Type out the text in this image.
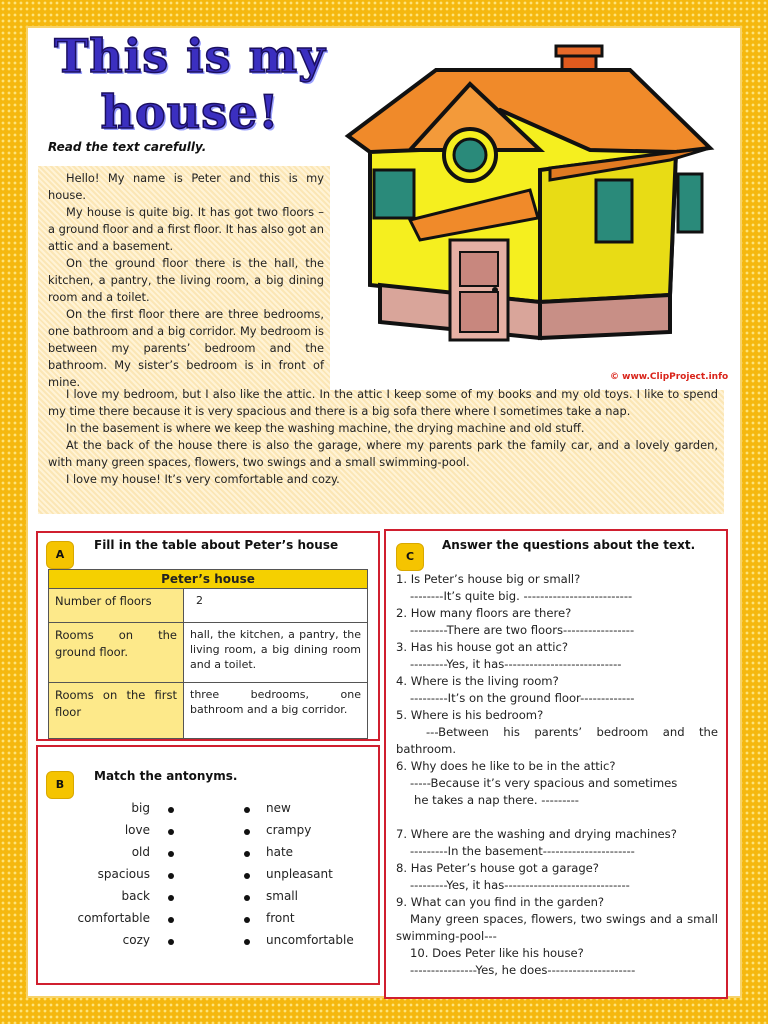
This is my
house!
Read the text carefully.
© www.ClipProject.info

Hello! My name is Peter and this is my house.

My house is quite big. It has got two floors – a ground floor and a first floor. It has also got an attic and a basement.

On the ground floor there is the hall, the kitchen, a pantry, the living room, a big dining room and a toilet.

On the first floor there are three bedrooms, one bathroom and a big corridor. My bedroom is between my parents’ bedroom and the bathroom. My sister’s bedroom is in front of mine.

I love my bedroom, but I also like the attic. In the attic I keep some of my books and my old toys. I like to spend my time there because it is very spacious and there is a big sofa there where I sometimes take a nap.

In the basement is where we keep the washing machine, the drying machine and old stuff.

At the back of the house there is also the garage, where my parents park the family car, and a lovely garden, with many green spaces, flowers, two swings and a small swimming-pool.

I love my house! It’s very comfortable and cozy.

A
Fill in the table about Peter’s house
Peter’s house	
Number of floors	2
Rooms on the ground floor.	hall, the kitchen, a pantry, the living room, a big dining room and a toilet.
Rooms on the first floor	three bedrooms, one bathroom and a big corridor.
B
Match the antonyms.
big	new
love	crampy
old	hate
spacious	unpleasant
back	small
comfortable	front
cozy	uncomfortable
C
Answer the questions about the text.
1. Is Peter’s house big or small?
--------It’s quite big. --------------------------
2. How many floors are there?
---------There are two floors-----------------
3. Has his house got an attic?
---------Yes, it has----------------------------
4. Where is the living room?
---------It’s on the ground floor-------------
5. Where is his bedroom?
---Between his parents’ bedroom and the bathroom.
6. Why does he like to be in the attic?
-----Because it’s very spacious and sometimes
he takes a nap there. ---------
7. Where are the washing and drying machines?
---------In the basement----------------------
8. Has Peter’s house got a garage?
---------Yes, it has------------------------------
9. What can you find in the garden?
Many green spaces, flowers, two swings and a small swimming-pool---
10. Does Peter like his house?
----------------Yes, he does---------------------
